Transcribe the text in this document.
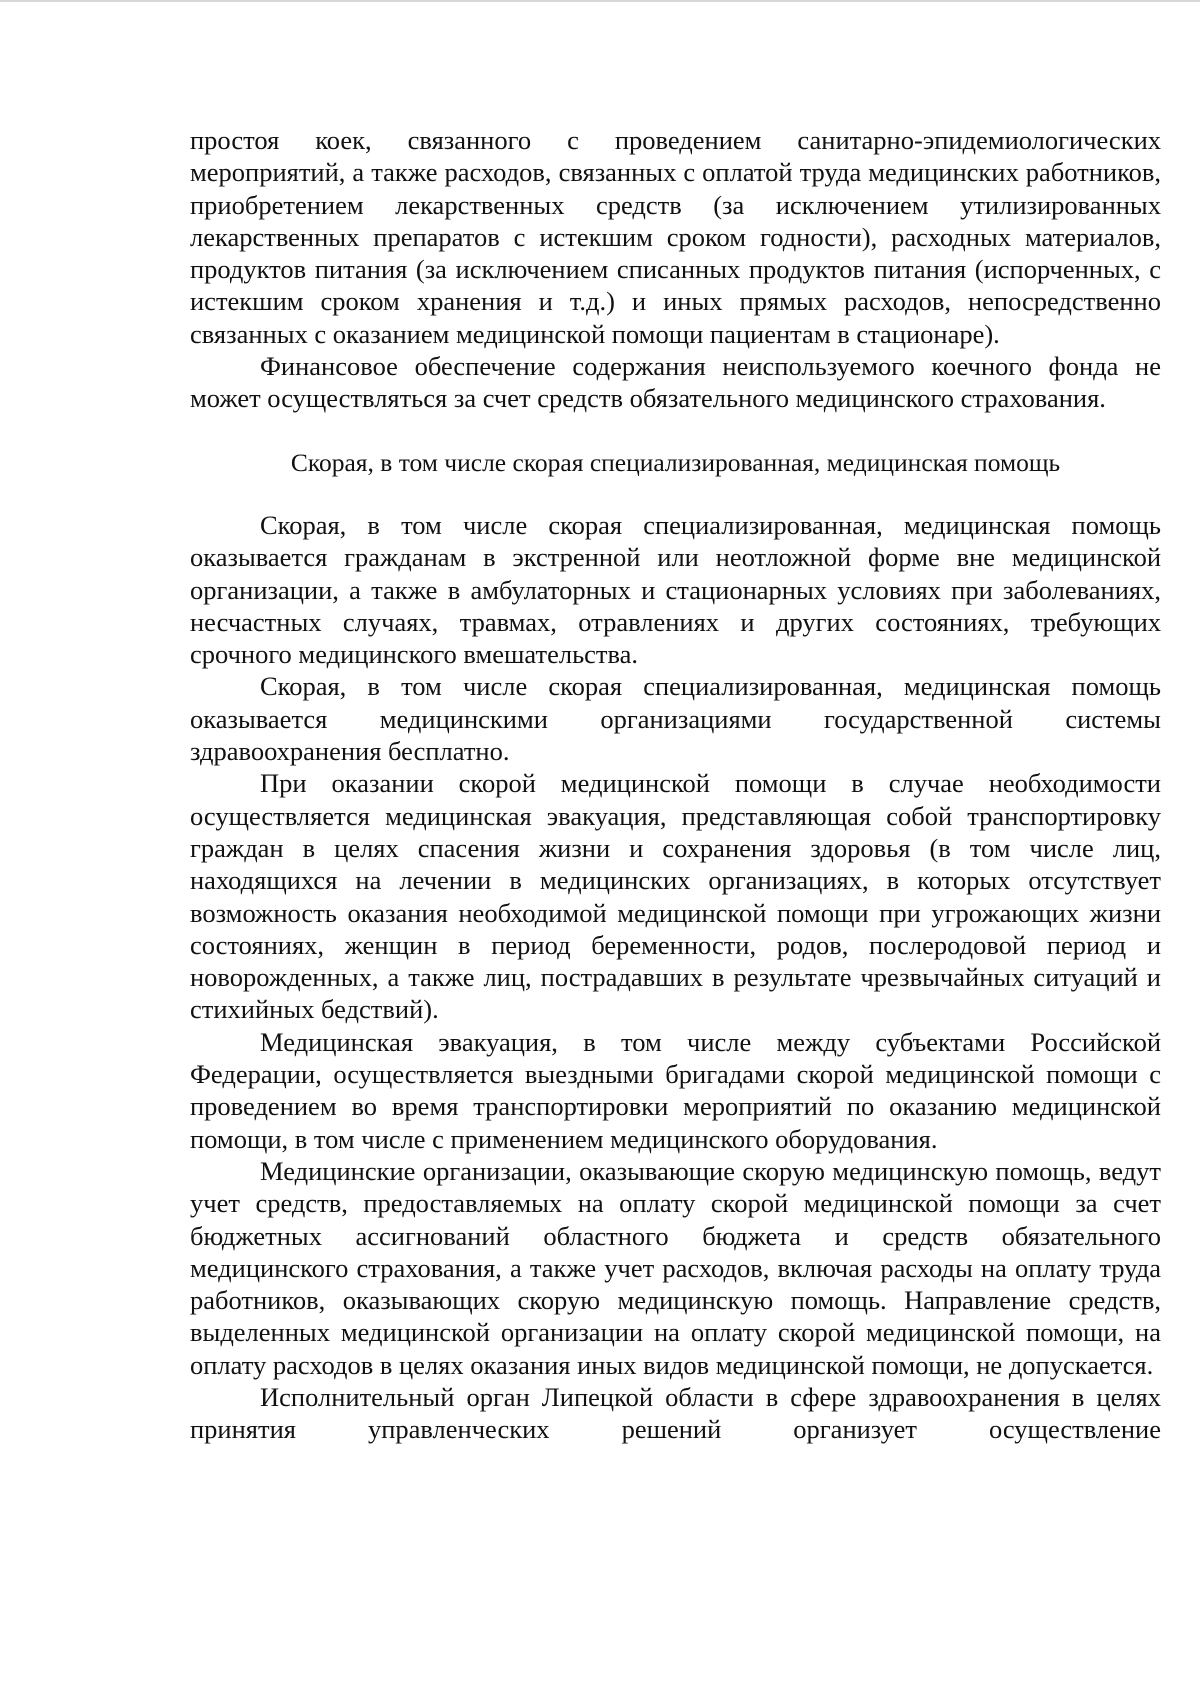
простоя коек, связанного с проведением санитарно-эпидемиологических мероприятий, а также расходов, связанных с оплатой труда медицинских работников, приобретением лекарственных средств (за исключением утилизированных лекарственных препаратов с истекшим сроком годности), расходных материалов, продуктов питания (за исключением списанных продуктов питания (испорченных, с истекшим сроком хранения и т.д.) и иных прямых расходов, непосредственно связанных с оказанием медицинской помощи пациентам в стационаре).

Финансовое обеспечение содержания неиспользуемого коечного фонда не может осуществляться за счет средств обязательного медицинского страхования.

Скорая, в том числе скорая специализированная, медицинская помощь

Скорая, в том числе скорая специализированная, медицинская помощь оказывается гражданам в экстренной или неотложной форме вне медицинской организации, а также в амбулаторных и стационарных условиях при заболеваниях, несчастных случаях, травмах, отравлениях и других состояниях, требующих срочного медицинского вмешательства.

Скорая, в том числе скорая специализированная, медицинская помощь оказывается медицинскими организациями государственной системы здравоохранения бесплатно.

При оказании скорой медицинской помощи в случае необходимости осуществляется медицинская эвакуация, представляющая собой транспортировку граждан в целях спасения жизни и сохранения здоровья (в том числе лиц, находящихся на лечении в медицинских организациях, в которых отсутствует возможность оказания необходимой медицинской помощи при угрожающих жизни состояниях, женщин в период беременности, родов, послеродовой период и новорожденных, а также лиц, пострадавших в результате чрезвычайных ситуаций и стихийных бедствий).

Медицинская эвакуация, в том числе между субъектами Российской Федерации, осуществляется выездными бригадами скорой медицинской помощи с проведением во время транспортировки мероприятий по оказанию медицинской помощи, в том числе с применением медицинского оборудования.

Медицинские организации, оказывающие скорую медицинскую помощь, ведут учет средств, предоставляемых на оплату скорой медицинской помощи за счет бюджетных ассигнований областного бюджета и средств обязательного медицинского страхования, а также учет расходов, включая расходы на оплату труда работников, оказывающих скорую медицинскую помощь. Направление средств, выделенных медицинской организации на оплату скорой медицинской помощи, на оплату расходов в целях оказания иных видов медицинской помощи, не допускается.

Исполнительный орган Липецкой области в сфере здравоохранения в целях принятия управленческих решений организует осуществление
